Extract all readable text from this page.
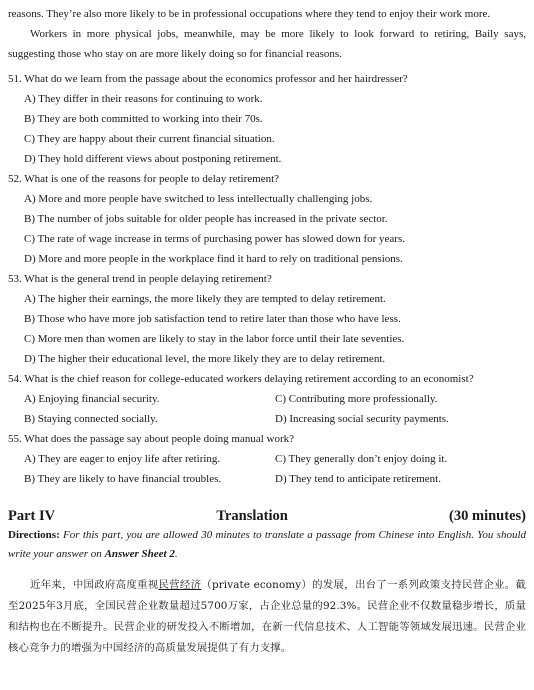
reasons. They’re also more likely to be in professional occupations where they tend to enjoy their work more.

Workers in more physical jobs, meanwhile, may be more likely to look forward to retiring, Baily says, suggesting those who stay on are more likely doing so for financial reasons.

51. What do we learn from the passage about the economics professor and her hairdresser?

A) They differ in their reasons for continuing to work.

B) They are both committed to working into their 70s.

C) They are happy about their current financial situation.

D) They hold different views about postponing retirement.

52. What is one of the reasons for people to delay retirement?

A) More and more people have switched to less intellectually challenging jobs.

B) The number of jobs suitable for older people has increased in the private sector.

C) The rate of wage increase in terms of purchasing power has slowed down for years.

D) More and more people in the workplace find it hard to rely on traditional pensions.

53. What is the general trend in people delaying retirement?

A) The higher their earnings, the more likely they are tempted to delay retirement.

B) Those who have more job satisfaction tend to retire later than those who have less.

C) More men than women are likely to stay in the labor force until their late seventies.

D) The higher their educational level, the more likely they are to delay retirement.

54. What is the chief reason for college-educated workers delaying retirement according to an economist?

A) Enjoying financial security.	C) Contributing more professionally.
B) Staying connected socially.	D) Increasing social security payments.

55. What does the passage say about people doing manual work?

A) They are eager to enjoy life after retiring.	C) They generally don’t enjoy doing it.
B) They are likely to have financial troubles.	D) They tend to anticipate retirement.
Part IV	Translation	(30 minutes)

Directions: For this part, you are allowed 30 minutes to translate a passage from Chinese into English. You should write your answer on Answer Sheet 2.

近年来，中国政府高度重视民营经济（private economy）的发展，出台了一系列政策支持民营企业。截至2025年3月底，全国民营企业数量超过5700万家，占企业总量的92.3%。民营企业不仅数量稳步增长，质量和结构也在不断提升。民营企业的研发投入不断增加，在新一代信息技术、人工智能等领域发展迅速。民营企业核心竞争力的增强为中国经济的高质量发展提供了有力支撑。
